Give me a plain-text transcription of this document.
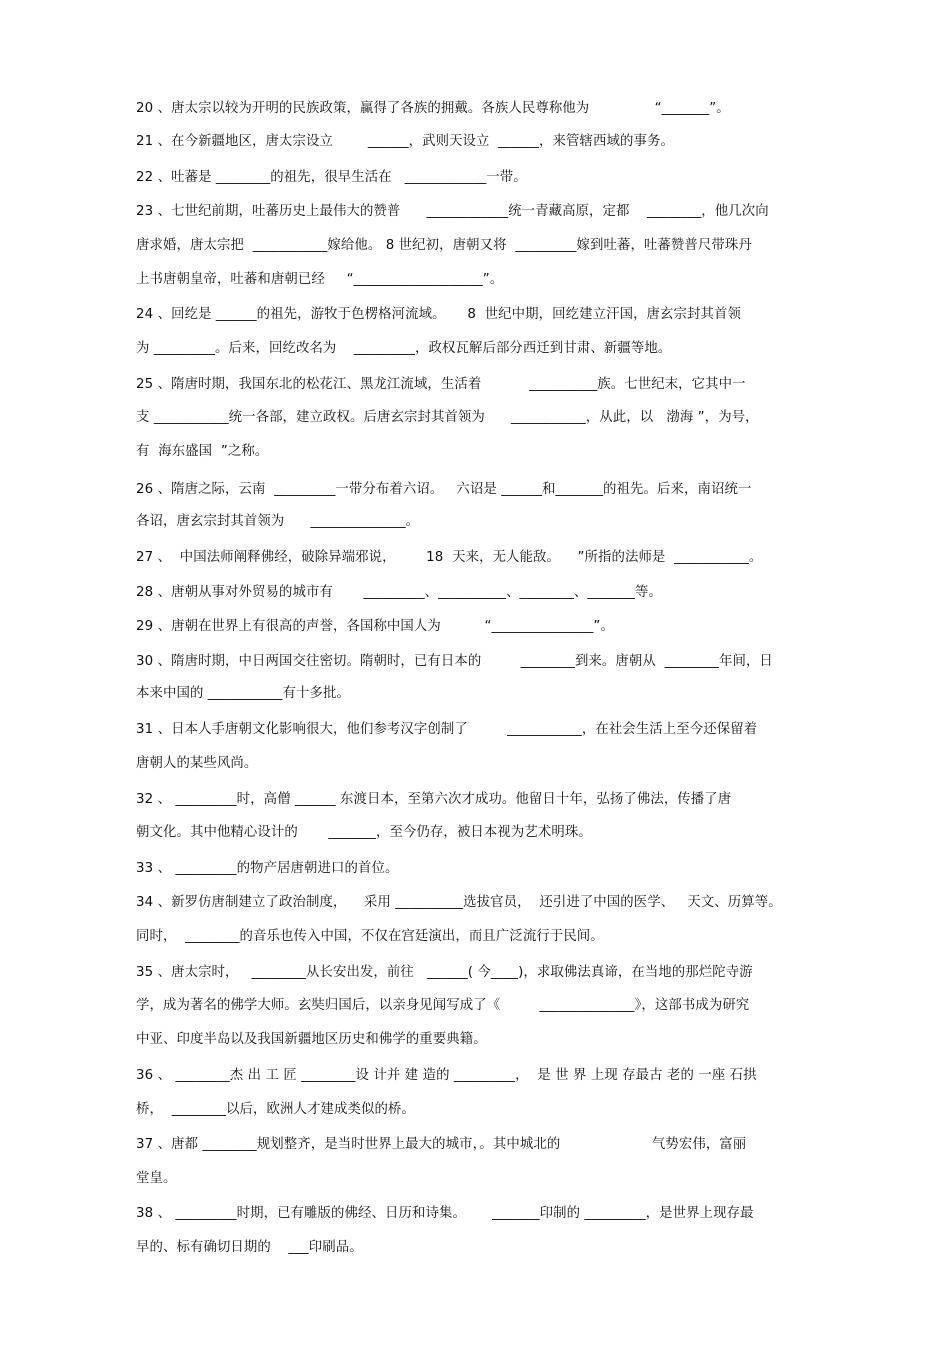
20 、唐太宗以较为开明的民族政策，赢得了各族的拥戴。各族人民尊称他为               “_______”。

21 、在今新疆地区，唐太宗设立        ______，武则天设立  ______，来管辖西域的事务。

22 、吐蕃是 ________的祖先，很早生活在   ____________一带。

23 、七世纪前期，吐蕃历史上最伟大的赞普      ____________统一青藏高原，定都    ________，他几次向

唐求婚，唐太宗把  ___________嫁给他。 8 世纪初，唐朝又将  _________嫁到吐蕃，吐蕃赞普尺带珠丹

上书唐朝皇帝，吐蕃和唐朝已经     “___________________”。

24 、回纥是 ______的祖先，游牧于色楞格河流域。     8  世纪中期，回纥建立汗国，唐玄宗封其首领

为 _________。后来，回纥改名为    _________，政权瓦解后部分西迁到甘肃、新疆等地。

25 、隋唐时期，我国东北的松花江、黑龙江流域，生活着           __________族。七世纪末，它其中一

支 ___________统一各部，建立政权。后唐玄宗封其首领为      ___________，从此，以   渤海 ”，为号，

有  海东盛国  ”之称。

26 、隋唐之际，云南  _________一带分布着六诏。   六诏是 ______和_______的祖先。后来，南诏统一

各诏，唐玄宗封其首领为      ______________。

27 、  中国法师阐释佛经，破除异端邪说，       18  天来，无人能敌。    ”所指的法师是  ___________。

28 、唐朝从事对外贸易的城市有       _________、__________、________、_______等。

29 、唐朝在世界上有很高的声誉，各国称中国人为          “_______________”。

30 、隋唐时期，中日两国交往密切。隋朝时，已有日本的         ________到来。唐朝从  ________年间，日

本来中国的 ___________有十多批。

31 、日本人手唐朝文化影响很大，他们参考汉字创制了         ___________，在社会生活上至今还保留着

唐朝人的某些风尚。

32 、 _________时，高僧 ______ 东渡日本，至第六次才成功。他留日十年，弘扬了佛法，传播了唐

朝文化。其中他精心设计的       _______，至今仍存，被日本视为艺术明珠。

33 、 _________的物产居唐朝进口的首位。

34 、新罗仿唐制建立了政治制度，    采用 __________选拔官员，  还引进了中国的医学、   天文、历算等。

同时，  ________的音乐也传入中国，不仅在宫廷演出，而且广泛流行于民间。

35 、唐太宗时，   ________从长安出发，前往   ______( 今____)，求取佛法真谛，在当地的那烂陀寺游

学，成为著名的佛学大师。玄奘归国后，以亲身见闻写成了《         ______________》，这部书成为研究

中亚、印度半岛以及我国新疆地区历史和佛学的重要典籍。

36 、 ________杰 出 工 匠 ________设 计并 建 造的 _________，  是 世 界 上现 存最古 老的 一座 石拱

桥，  ________以后，欧洲人才建成类似的桥。

37 、唐都 ________规划整齐，是当时世界上最大的城市，。其中城北的                     气势宏伟，富丽

堂皇。

38 、 _________时期，已有雕版的佛经、日历和诗集。      _______印制的 _________，是世界上现存最

早的、标有确切日期的    ___印刷品。
